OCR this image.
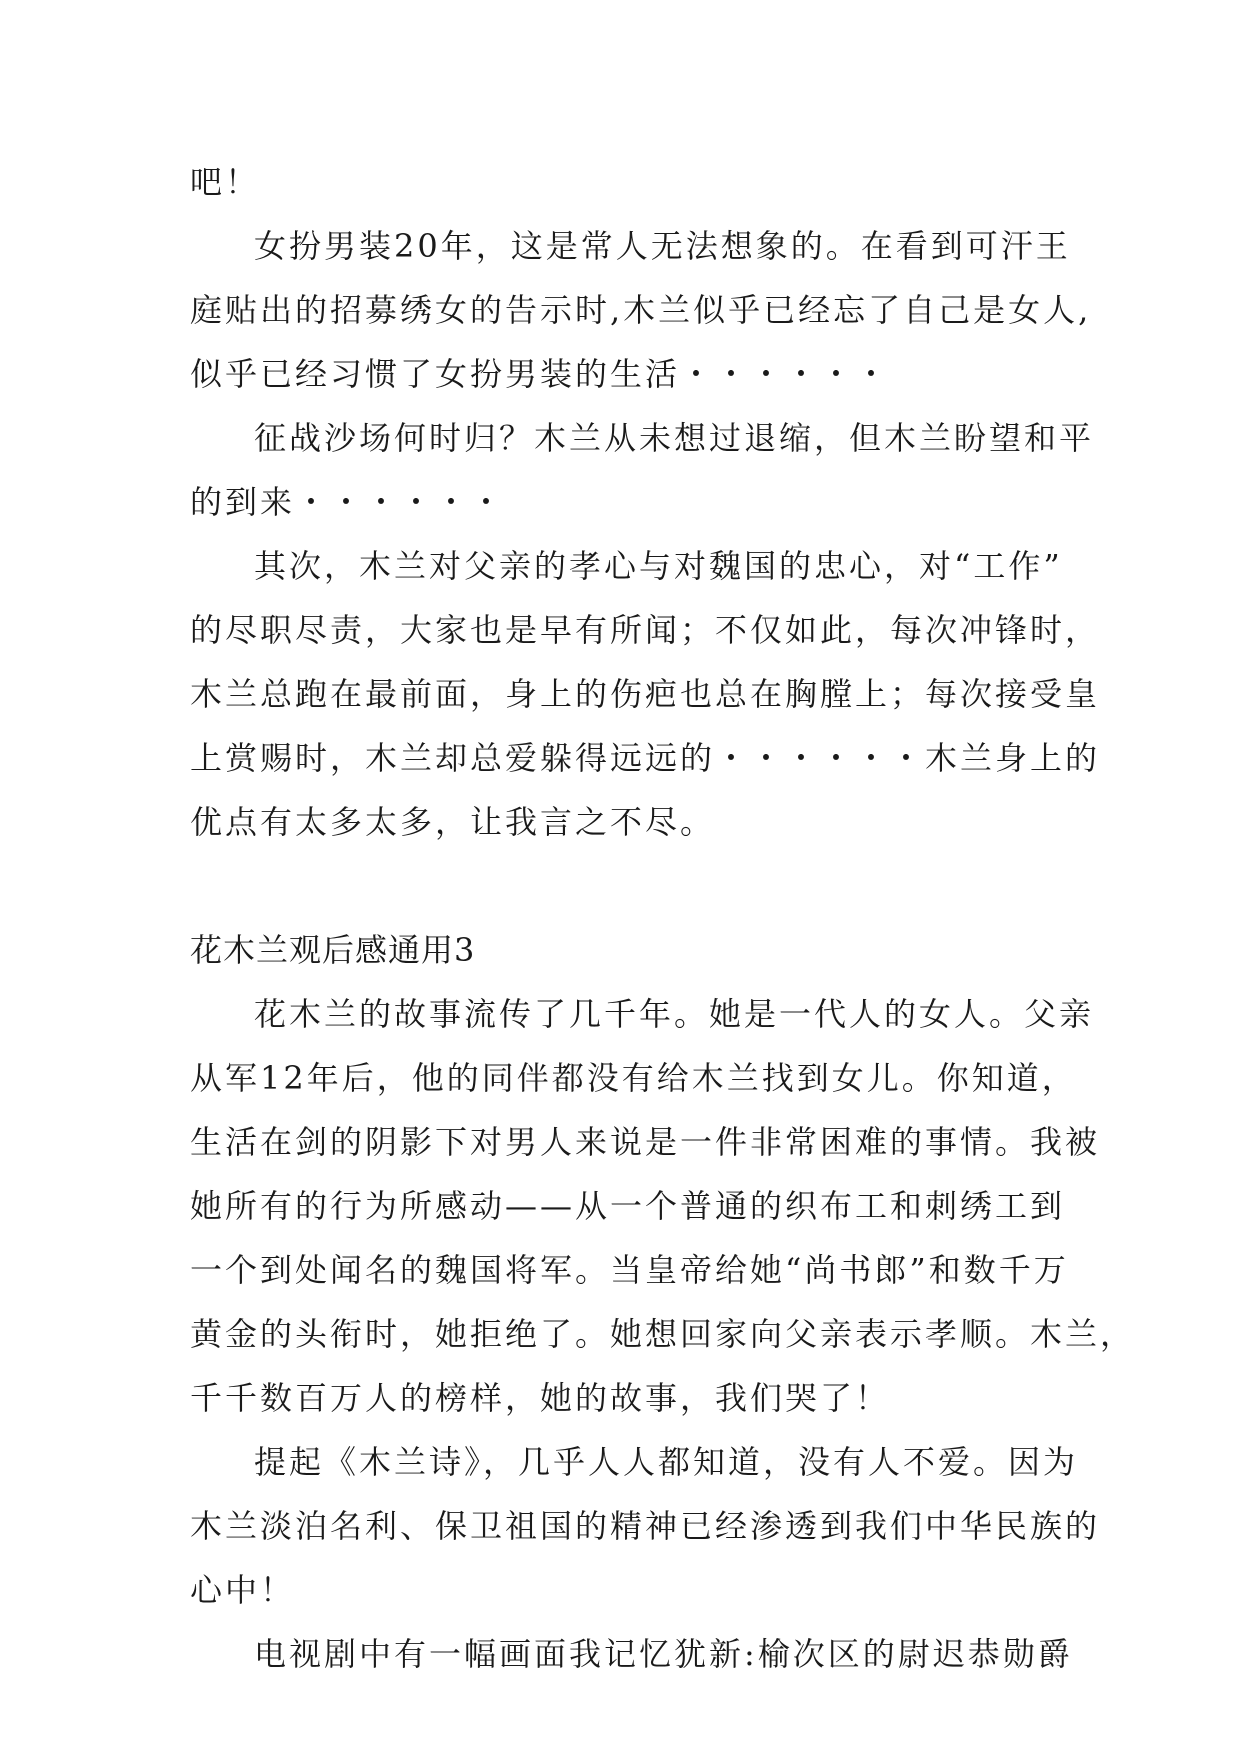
吧！
女扮男装20年，这是常人无法想象的。在看到可汗王
庭贴出的招募绣女的告示时,木兰似乎已经忘了自己是女人,
似乎已经习惯了女扮男装的生活・・・・・・
征战沙场何时归？木兰从未想过退缩，但木兰盼望和平
的到来・・・・・・
其次，木兰对父亲的孝心与对魏国的忠心，对“工作”
的尽职尽责，大家也是早有所闻；不仅如此，每次冲锋时，
木兰总跑在最前面，身上的伤疤也总在胸膛上；每次接受皇
上赏赐时，木兰却总爱躲得远远的・・・・・・木兰身上的
优点有太多太多，让我言之不尽。
花木兰观后感通用3
花木兰的故事流传了几千年。她是一代人的女人。父亲
从军12年后，他的同伴都没有给木兰找到女儿。你知道，
生活在剑的阴影下对男人来说是一件非常困难的事情。我被
她所有的行为所感动——从一个普通的织布工和刺绣工到
一个到处闻名的魏国将军。当皇帝给她“尚书郎”和数千万
黄金的头衔时，她拒绝了。她想回家向父亲表示孝顺。木兰，
千千数百万人的榜样，她的故事，我们哭了！
提起《木兰诗》，几乎人人都知道，没有人不爱。因为
木兰淡泊名利、保卫祖国的精神已经渗透到我们中华民族的
心中！
电视剧中有一幅画面我记忆犹新:榆次区的尉迟恭勋爵
